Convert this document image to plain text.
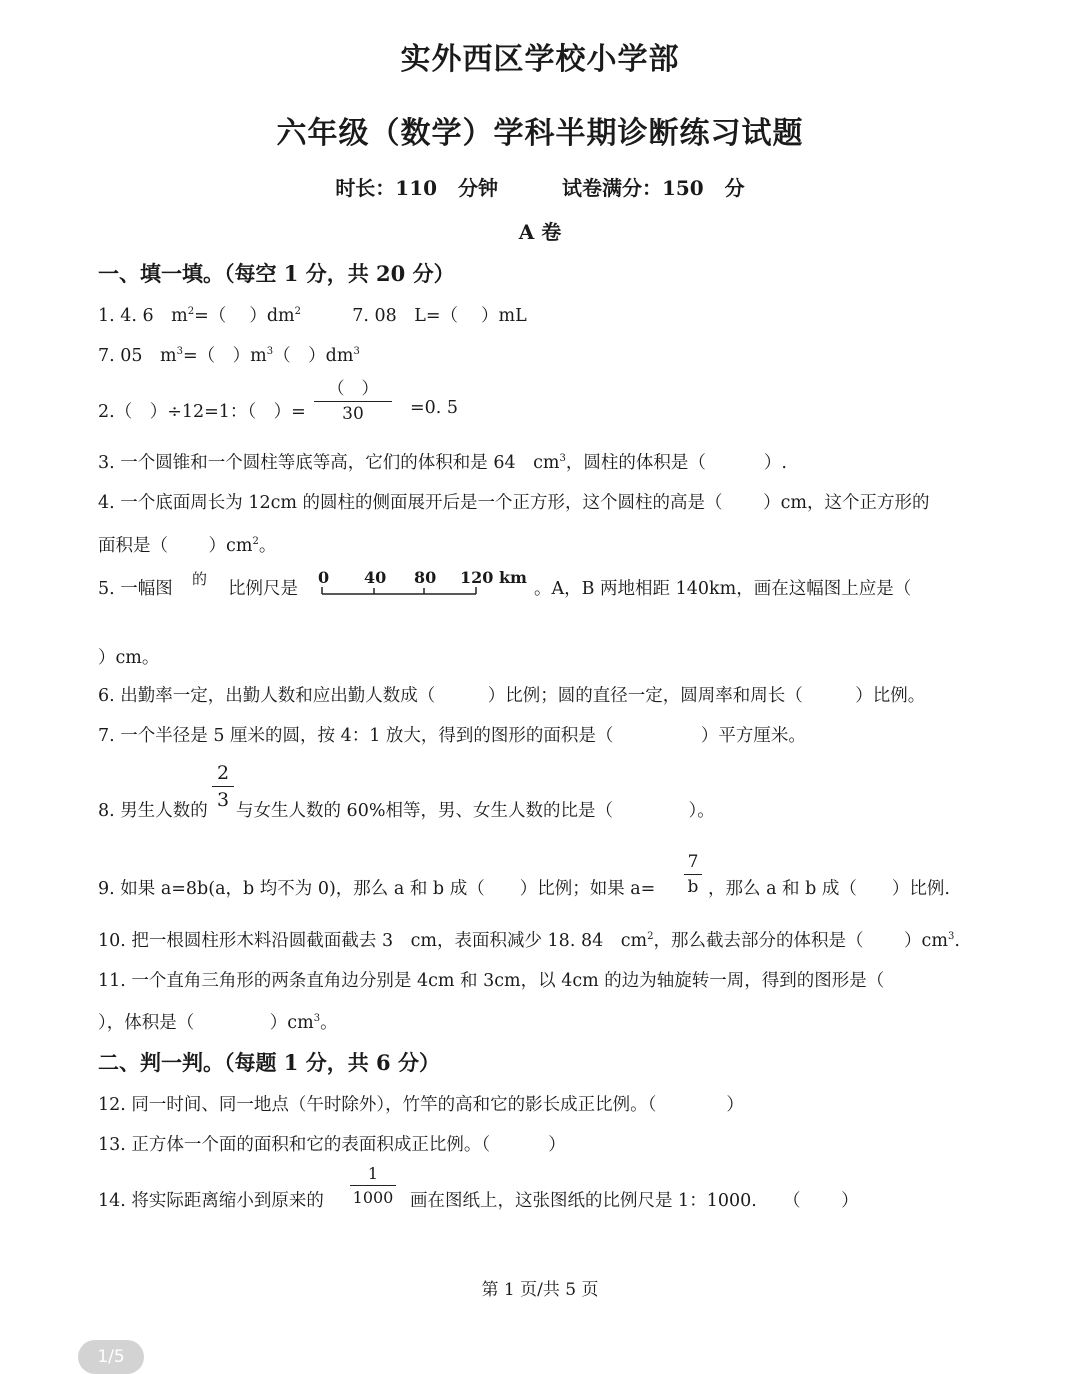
实外西区学校小学部
六年级（数学）学科半期诊断练习试题
时长：110 分钟	试卷满分：150 分
A 卷
一、填一填。（每空 1 分，共 20 分）
1. 4. 6　$m^2=$（　 ）$dm^2$	7. 08　L=（　 ）mL
7. 05　$m^3=$（　）$m^3$（　）$dm^3$
2.（　）÷12=1：（　）=
（　）
30	=0. 5
3. 一个圆锥和一个圆柱等底等高，它们的体积和是 64　$cm^3$，圆柱的体积是（　　　 ）.
4. 一个底面周长为 12cm 的圆柱的侧面展开后是一个正方形，这个圆柱的高是（　　 ）cm，这个正方形的
面积是（　　 ）$cm^2$。
5. 一幅图 的 比例尺是
0 40 80 120 km
。A，B 两地相距 140km，画在这幅图上应是（
）cm。
6. 出勤率一定，出勤人数和应出勤人数成（　　　）比例；圆的直径一定，圆周率和周长（　　　）比例。
7. 一个半径是 5 厘米的圆，按 4：1 放大，得到的图形的面积是（　　　　　）平方厘米。
8. 男生人数的
2
3 与女生人数的 60%相等，男、女生人数的比是（　　　　 ）。
9. 如果 a=8b(a，b 均不为 0)，那么 a 和 b 成（　　）比例；如果 a=
7
b ，那么 a 和 b 成（　　）比例.
10. 把一根圆柱形木料沿圆截面截去 3　cm，表面积减少 18. 84　$cm^2$，那么截去部分的体积是（　　 ）$cm^3$.
11. 一个直角三角形的两条直角边分别是 4cm 和 3cm，以 4cm 的边为轴旋转一周，得到的图形是（
），体积是（　　　　 ）$cm^3$。
二、判一判。（每题 1 分，共 6 分）
12. 同一时间、同一地点（午时除外），竹竿的高和它的影长成正比例。（　　　　）
13. 正方体一个面的面积和它的表面积成正比例。（　　　 ）
14. 将实际距离缩小到原来的
1
1000 画在图纸上，这张图纸的比例尺是 1：1000.　　（　　 ）
第 1 页/共 5 页
1/5
